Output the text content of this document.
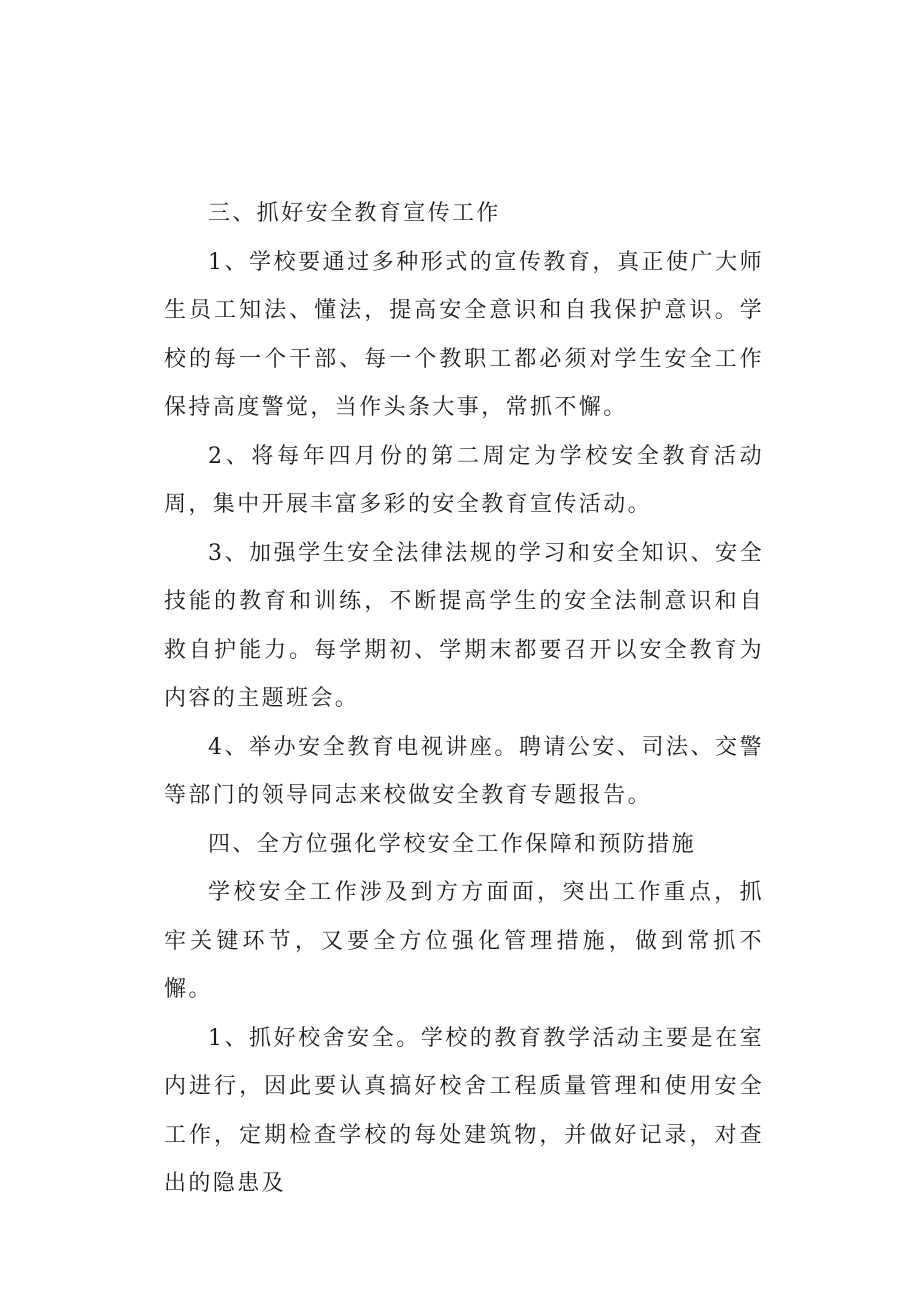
三、抓好安全教育宣传工作

1、学校要通过多种形式的宣传教育，真正使广大师生员工知法、懂法，提高安全意识和自我保护意识。学校的每一个干部、每一个教职工都必须对学生安全工作保持高度警觉，当作头条大事，常抓不懈。

2、将每年四月份的第二周定为学校安全教育活动周，集中开展丰富多彩的安全教育宣传活动。

3、加强学生安全法律法规的学习和安全知识、安全技能的教育和训练，不断提高学生的安全法制意识和自救自护能力。每学期初、学期末都要召开以安全教育为内容的主题班会。

4、举办安全教育电视讲座。聘请公安、司法、交警等部门的领导同志来校做安全教育专题报告。

四、全方位强化学校安全工作保障和预防措施

学校安全工作涉及到方方面面，突出工作重点，抓牢关键环节，又要全方位强化管理措施，做到常抓不懈。

1、抓好校舍安全。学校的教育教学活动主要是在室内进行，因此要认真搞好校舍工程质量管理和使用安全工作，定期检查学校的每处建筑物，并做好记录，对查出的隐患及
